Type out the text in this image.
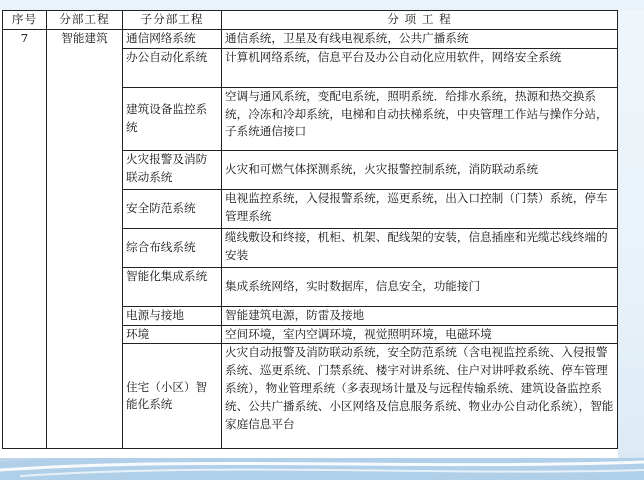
序号	分部工程	子分部工程	分 项 工 程
7	智能建筑	通信网络系统	通信系统，卫星及有线电视系统，公共广播系统
		办公自动化系统	计算机网络系统，信息平台及办公自动化应用软件，网络安全系统
		建筑设备监控系统	空调与通风系统，变配电系统，照明系统．给排水系统，热源和热交换系统，冷冻和冷却系统，电梯和自动扶梯系统，中央管理工作站与操作分站，子系统通信接口
		火灾报警及消防联动系统	火灾和可燃气体探测系统，火灾报警控制系统，消防联动系统
		安全防范系统	电视监控系统，入侵报警系统，巡更系统，出入口控制（门禁）系统，停车管理系统
		综合布线系统	缆线敷设和终接，机柜、机架、配线架的安装，信息插座和光缆芯线终端的安装
		智能化集成系统	集成系统网络，实时数据库，信息安全，功能接门
		电源与接地	智能建筑电源，防雷及接地
		环境	空间环境，室内空调环境，视觉照明环境，电磁环境
		住宅（小区）智能化系统	火灾自动报警及消防联动系统，安全防范系统（含电视监控系统、入侵报警系统、巡更系统、门禁系统、楼宇对讲系统、住户对讲呼救系统、停车管理系统），物业管理系统（多表现场计量及与远程传输系统、建筑设备监控系统、公共广播系统、小区网络及信息服务系统、物业办公自动化系统），智能家庭信息平台
